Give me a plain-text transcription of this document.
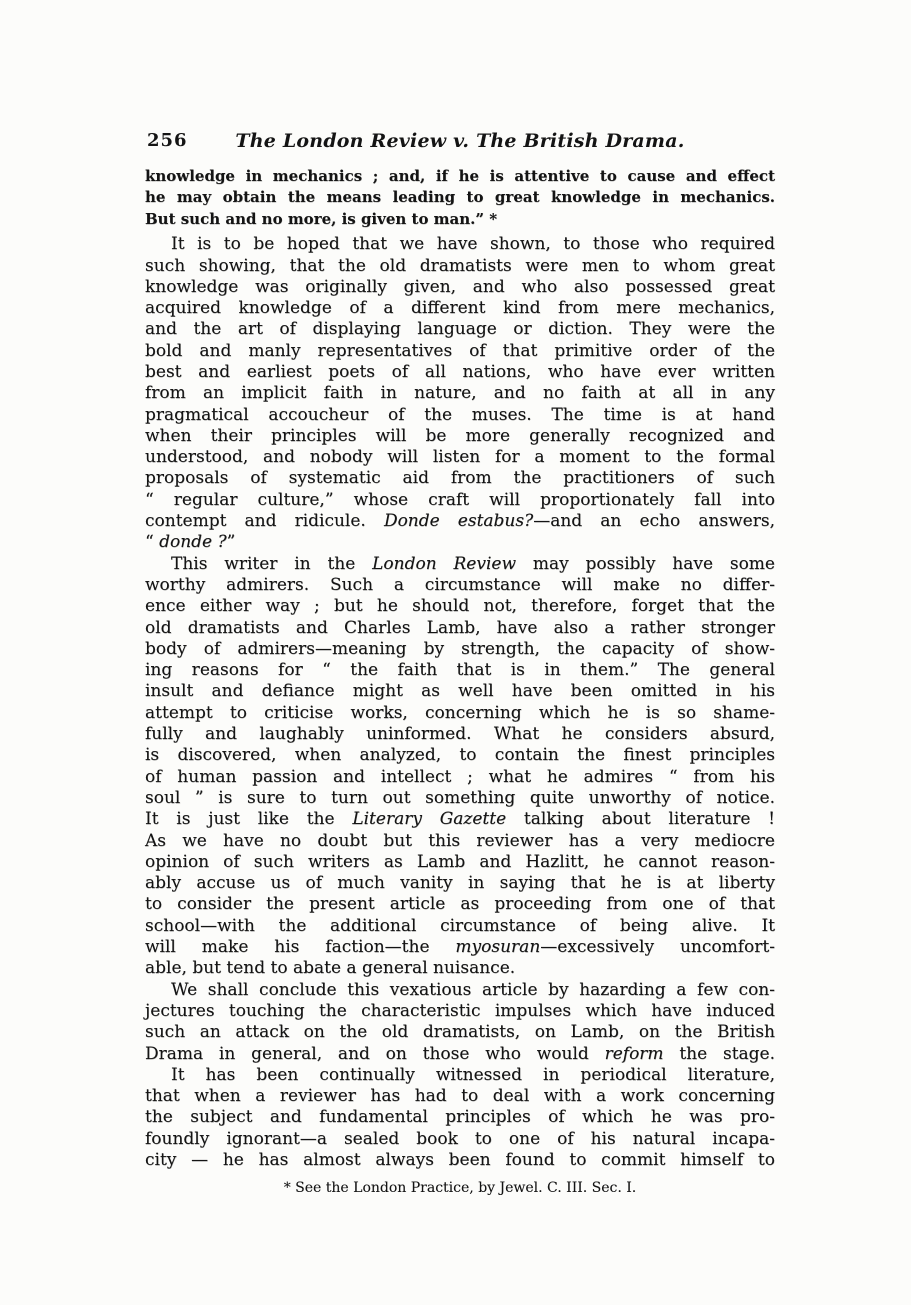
256	The London Review v. The British Drama.
knowledge in mechanics ; and, if he is attentive to cause and effect
he may obtain the means leading to great knowledge in mechanics.
But such and no more, is given to man.” *
It is to be hoped that we have shown, to those who required
such showing, that the old dramatists were men to whom great
knowledge was originally given, and who also possessed great
acquired knowledge of a different kind from mere mechanics,
and the art of displaying language or diction. They were the
bold and manly representatives of that primitive order of the
best and earliest poets of all nations, who have ever written
from an implicit faith in nature, and no faith at all in any
pragmatical accoucheur of the muses. The time is at hand
when their principles will be more generally recognized and
understood, and nobody will listen for a moment to the formal
proposals of systematic aid from the practitioners of such
“ regular culture,” whose craft will proportionately fall into
contempt and ridicule. Donde estabus?—and an echo answers,
“ donde ?”
This writer in the London Review may possibly have some
worthy admirers. Such a circumstance will make no differ-
ence either way ; but he should not, therefore, forget that the
old dramatists and Charles Lamb, have also a rather stronger
body of admirers—meaning by strength, the capacity of show-
ing reasons for “ the faith that is in them.” The general
insult and defiance might as well have been omitted in his
attempt to criticise works, concerning which he is so shame-
fully and laughably uninformed. What he considers absurd,
is discovered, when analyzed, to contain the finest principles
of human passion and intellect ; what he admires “ from his
soul ” is sure to turn out something quite unworthy of notice.
It is just like the Literary Gazette talking about literature !
As we have no doubt but this reviewer has a very mediocre
opinion of such writers as Lamb and Hazlitt, he cannot reason-
ably accuse us of much vanity in saying that he is at liberty
to consider the present article as proceeding from one of that
school—with the additional circumstance of being alive. It
will make his faction—the myosuran—excessively uncomfort-
able, but tend to abate a general nuisance.
We shall conclude this vexatious article by hazarding a few con-
jectures touching the characteristic impulses which have induced
such an attack on the old dramatists, on Lamb, on the British
Drama in general, and on those who would reform the stage.
It has been continually witnessed in periodical literature,
that when a reviewer has had to deal with a work concerning
the subject and fundamental principles of which he was pro-
foundly ignorant—a sealed book to one of his natural incapa-
city — he has almost always been found to commit himself to
* See the London Practice, by Jewel. C. III. Sec. I.
